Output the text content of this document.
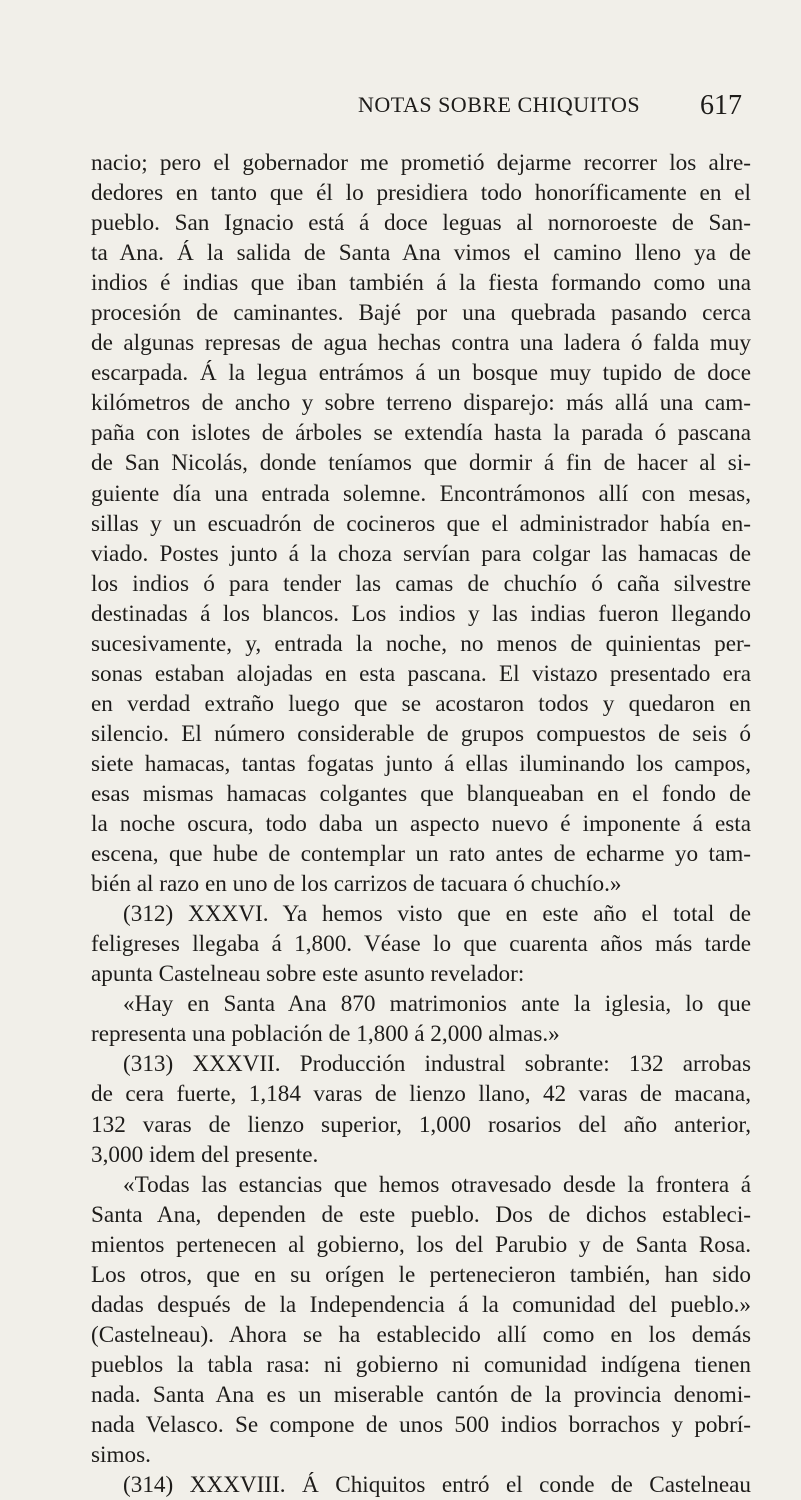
NOTAS SOBRE CHIQUITOS 617
nacio; pero el gobernador me prometió dejarme recorrer los alre-
dedores en tanto que él lo presidiera todo honoríficamente en el
pueblo. San Ignacio está á doce leguas al nornoroeste de San-
ta Ana. Á la salida de Santa Ana vimos el camino lleno ya de
indios é indias que iban también á la fiesta formando como una
procesión de caminantes. Bajé por una quebrada pasando cerca
de algunas represas de agua hechas contra una ladera ó falda muy
escarpada. Á la legua entrámos á un bosque muy tupido de doce
kilómetros de ancho y sobre terreno disparejo: más allá una cam-
paña con islotes de árboles se extendía hasta la parada ó pascana
de San Nicolás, donde teníamos que dormir á fin de hacer al si-
guiente día una entrada solemne. Encontrámonos allí con mesas,
sillas y un escuadrón de cocineros que el administrador había en-
viado. Postes junto á la choza servían para colgar las hamacas de
los indios ó para tender las camas de chuchío ó caña silvestre
destinadas á los blancos. Los indios y las indias fueron llegando
sucesivamente, y, entrada la noche, no menos de quinientas per-
sonas estaban alojadas en esta pascana. El vistazo presentado era
en verdad extraño luego que se acostaron todos y quedaron en
silencio. El número considerable de grupos compuestos de seis ó
siete hamacas, tantas fogatas junto á ellas iluminando los campos,
esas mismas hamacas colgantes que blanqueaban en el fondo de
la noche oscura, todo daba un aspecto nuevo é imponente á esta
escena, que hube de contemplar un rato antes de echarme yo tam-
bién al razo en uno de los carrizos de tacuara ó chuchío.»
(312) XXXVI. Ya hemos visto que en este año el total de
feligreses llegaba á 1,800. Véase lo que cuarenta años más tarde
apunta Castelneau sobre este asunto revelador:
«Hay en Santa Ana 870 matrimonios ante la iglesia, lo que
representa una población de 1,800 á 2,000 almas.»
(313) XXXVII. Producción industral sobrante: 132 arrobas
de cera fuerte, 1,184 varas de lienzo llano, 42 varas de macana,
132 varas de lienzo superior, 1,000 rosarios del año anterior,
3,000 idem del presente.
«Todas las estancias que hemos otravesado desde la frontera á
Santa Ana, dependen de este pueblo. Dos de dichos estableci-
mientos pertenecen al gobierno, los del Parubio y de Santa Rosa.
Los otros, que en su orígen le pertenecieron también, han sido
dadas después de la Independencia á la comunidad del pueblo.»
(Castelneau). Ahora se ha establecido allí como en los demás
pueblos la tabla rasa: ni gobierno ni comunidad indígena tienen
nada. Santa Ana es un miserable cantón de la provincia denomi-
nada Velasco. Se compone de unos 500 indios borrachos y pobrí-
simos.
(314) XXXVIII. Á Chiquitos entró el conde de Castelneau
